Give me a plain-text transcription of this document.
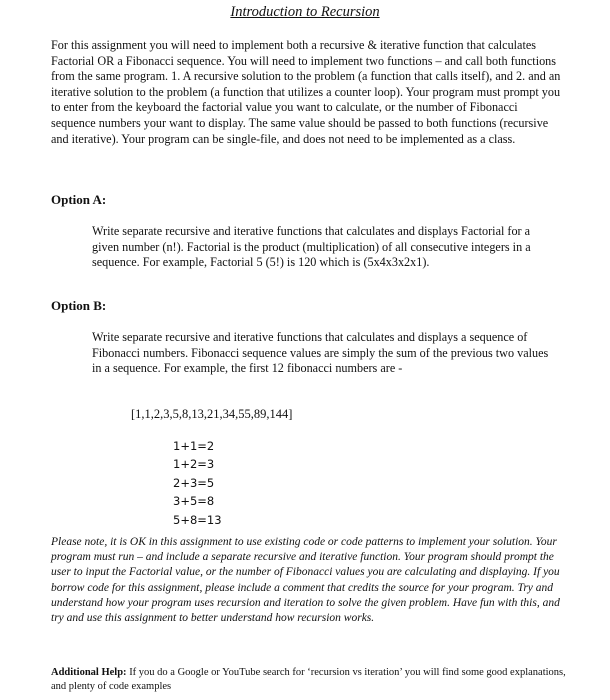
Introduction to Recursion

For this assignment you will need to implement both a recursive & iterative function that calculates Factorial OR a Fibonacci sequence. You will need to implement two functions – and call both functions from the same program. 1. A recursive solution to the problem (a function that calls itself), and 2. and an iterative solution to the problem (a function that utilizes a counter loop). Your program must prompt you to enter from the keyboard the factorial value you want to calculate, or the number of Fibonacci sequence numbers your want to display. The same value should be passed to both functions (recursive and iterative). Your program can be single-file, and does not need to be implemented as a class.

Option A:

Write separate recursive and iterative functions that calculates and displays Factorial for a given number (n!). Factorial is the product (multiplication) of all consecutive integers in a sequence. For example, Factorial 5 (5!) is 120 which is (5x4x3x2x1).

Option B:

Write separate recursive and iterative functions that calculates and displays a sequence of Fibonacci numbers. Fibonacci sequence values are simply the sum of the previous two values in a sequence. For example, the first 12 fibonacci numbers are -

[1,1,2,3,5,8,13,21,34,55,89,144]

1+1=2
1+2=3
2+3=5
3+5=8
5+8=13

Please note, it is OK in this assignment to use existing code or code patterns to implement your solution. Your program must run – and include a separate recursive and iterative function. Your program should prompt the user to input the Factorial value, or the number of Fibonacci values you are calculating and displaying. If you borrow code for this assignment, please include a comment that credits the source for your program. Try and understand how your program uses recursion and iteration to solve the given problem. Have fun with this, and try and use this assignment to better understand how recursion works.

Additional Help: If you do a Google or YouTube search for ‘recursion vs iteration’ you will find some good explanations, and plenty of code examples
